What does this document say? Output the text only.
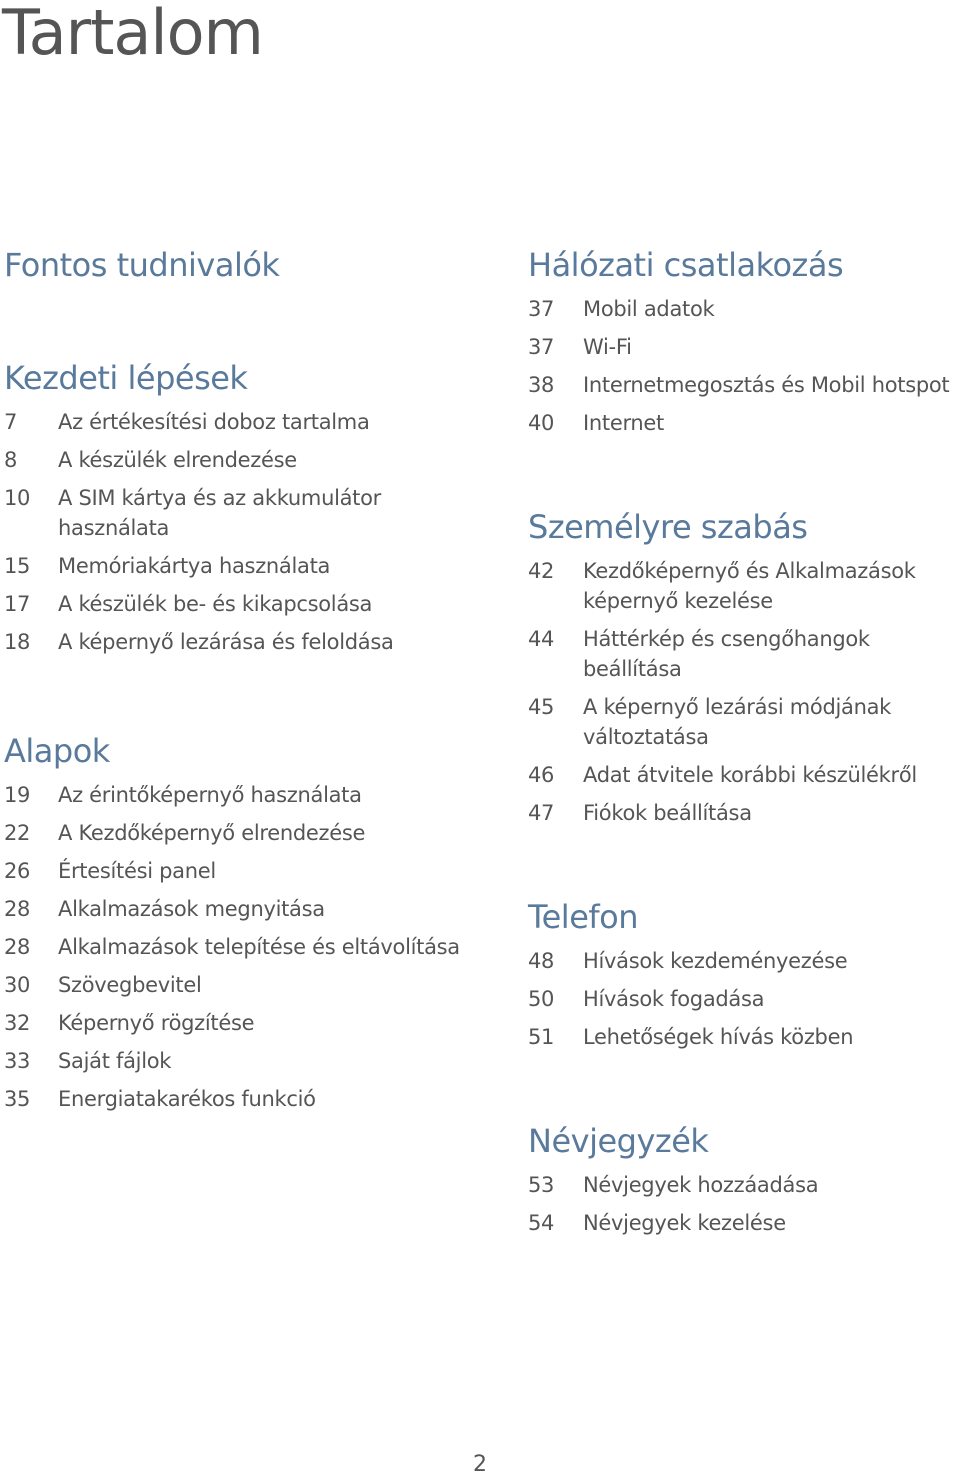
Tartalom
Fontos tudnivalók
Kezdeti lépések
7	Az értékesítési doboz tartalma
8	A készülék elrendezése
10	A SIM kártya és az akkumulátor
használata
15	Memóriakártya használata
17	A készülék be- és kikapcsolása
18	A képernyő lezárása és feloldása
Alapok
19	Az érintőképernyő használata
22	A Kezdőképernyő elrendezése
26	Értesítési panel
28	Alkalmazások megnyitása
28	Alkalmazások telepítése és eltávolítása
30	Szövegbevitel
32	Képernyő rögzítése
33	Saját fájlok
35	Energiatakarékos funkció
Hálózati csatlakozás
37	Mobil adatok
37	Wi-Fi
38	Internetmegosztás és Mobil hotspot
40	Internet
Személyre szabás
42	Kezdőképernyő és Alkalmazások
képernyő kezelése
44	Háttérkép és csengőhangok beállítása
45	A képernyő lezárási módjának
változtatása
46	Adat átvitele korábbi készülékről
47	Fiókok beállítása
Telefon
48	Hívások kezdeményezése
50	Hívások fogadása
51	Lehetőségek hívás közben
Névjegyzék
53	Névjegyek hozzáadása
54	Névjegyek kezelése
2
